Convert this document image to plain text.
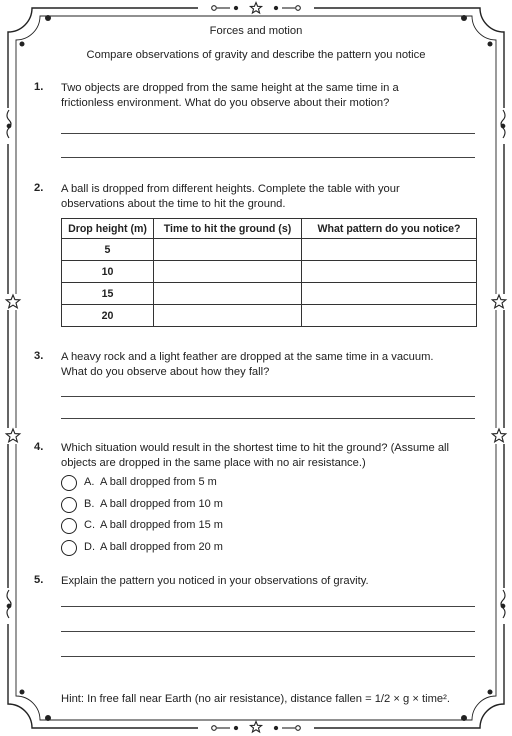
Forces and motion
Compare observations of gravity and describe the pattern you notice
1. Two objects are dropped from the same height at the same time in a
frictionless environment. What do you observe about their motion?
2. A ball is dropped from different heights. Complete the table with your
observations about the time to hit the ground.
Drop height (m)	Time to hit the ground (s)	What pattern do you notice?
5		
10		
15		
20		
3. A heavy rock and a light feather are dropped at the same time in a vacuum.
What do you observe about how they fall?
4. Which situation would result in the shortest time to hit the ground? (Assume all
objects are dropped in the same place with no air resistance.)
A. A ball dropped from 5 m
B. A ball dropped from 10 m
C. A ball dropped from 15 m
D. A ball dropped from 20 m
5. Explain the pattern you noticed in your observations of gravity.
Hint: In free fall near Earth (no air resistance), distance fallen = 1/2 × g × time².
